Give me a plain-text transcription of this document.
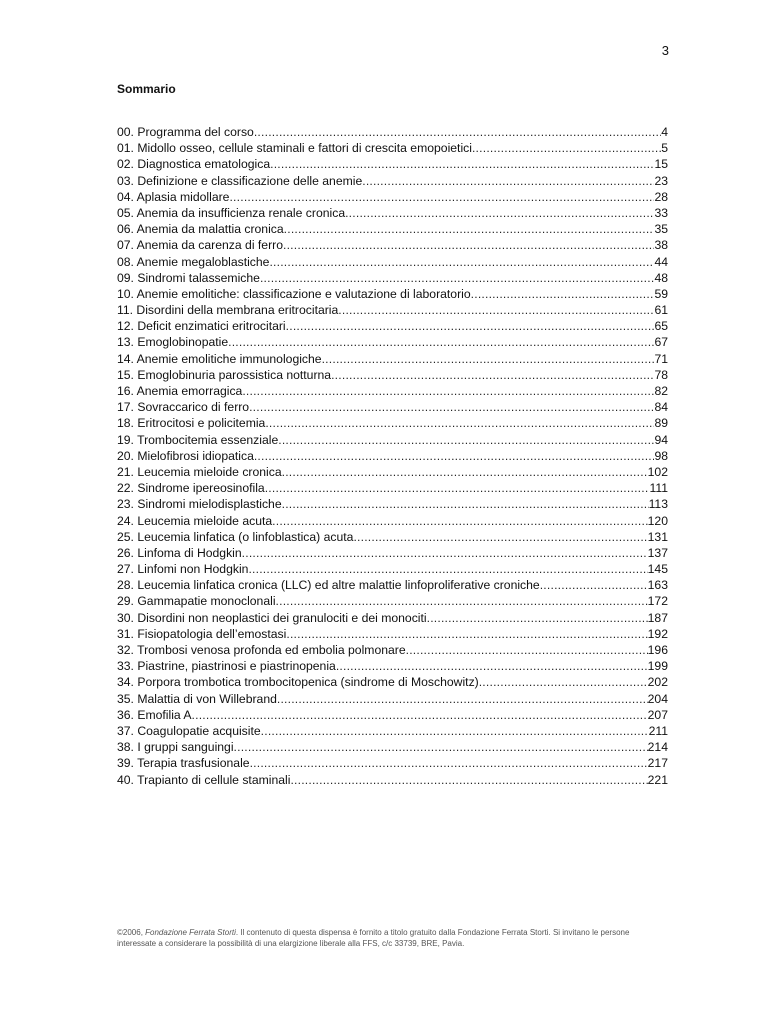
3
Sommario
00. Programma del corso .....	4
01. Midollo osseo, cellule staminali e fattori di crescita emopoietici .....	5
02. Diagnostica ematologica .....	15
03. Definizione e classificazione delle anemie .....	23
04. Aplasia midollare .....	28
05. Anemia da insufficienza renale cronica .....	33
06. Anemia da malattia cronica .....	35
07. Anemia da carenza di ferro .....	38
08. Anemie megaloblastiche .....	44
09. Sindromi talassemiche .....	48
10. Anemie emolitiche: classificazione e valutazione di laboratorio .....	59
11. Disordini della membrana eritrocitaria .....	61
12. Deficit enzimatici eritrocitari .....	65
13. Emoglobinopatie .....	67
14. Anemie emolitiche immunologiche .....	71
15. Emoglobinuria parossistica notturna .....	78
16. Anemia emorragica .....	82
17. Sovraccarico di ferro .....	84
18. Eritrocitosi e policitemia .....	89
19. Trombocitemia essenziale .....	94
20. Mielofibrosi idiopatica .....	98
21. Leucemia mieloide cronica .....	102
22. Sindrome ipereosinofila .....	111
23. Sindromi mielodisplastiche .....	113
24. Leucemia mieloide acuta .....	120
25. Leucemia linfatica (o linfoblastica) acuta .....	131
26. Linfoma di Hodgkin .....	137
27. Linfomi non Hodgkin .....	145
28. Leucemia linfatica cronica (LLC) ed altre malattie linfoproliferative croniche .....	163
29. Gammapatie monoclonali .....	172
30. Disordini non neoplastici dei granulociti e dei monociti .....	187
31. Fisiopatologia dell’emostasi .....	192
32. Trombosi venosa profonda ed embolia polmonare .....	196
33. Piastrine, piastrinosi e piastrinopenia .....	199
34. Porpora trombotica trombocitopenica (sindrome di Moschowitz) .....	202
35. Malattia di von Willebrand .....	204
36. Emofilia A .....	207
37. Coagulopatie acquisite .....	211
38. I gruppi sanguingi .....	214
39. Terapia trasfusionale .....	217
40. Trapianto di cellule staminali .....	221
©2006, Fondazione Ferrata Storti. Il contenuto di questa dispensa è fornito a titolo gratuito dalla Fondazione Ferrata Storti. Si invitano le persone interessate a considerare la possibilità di una elargizione liberale alla FFS, c/c 33739, BRE, Pavia.
